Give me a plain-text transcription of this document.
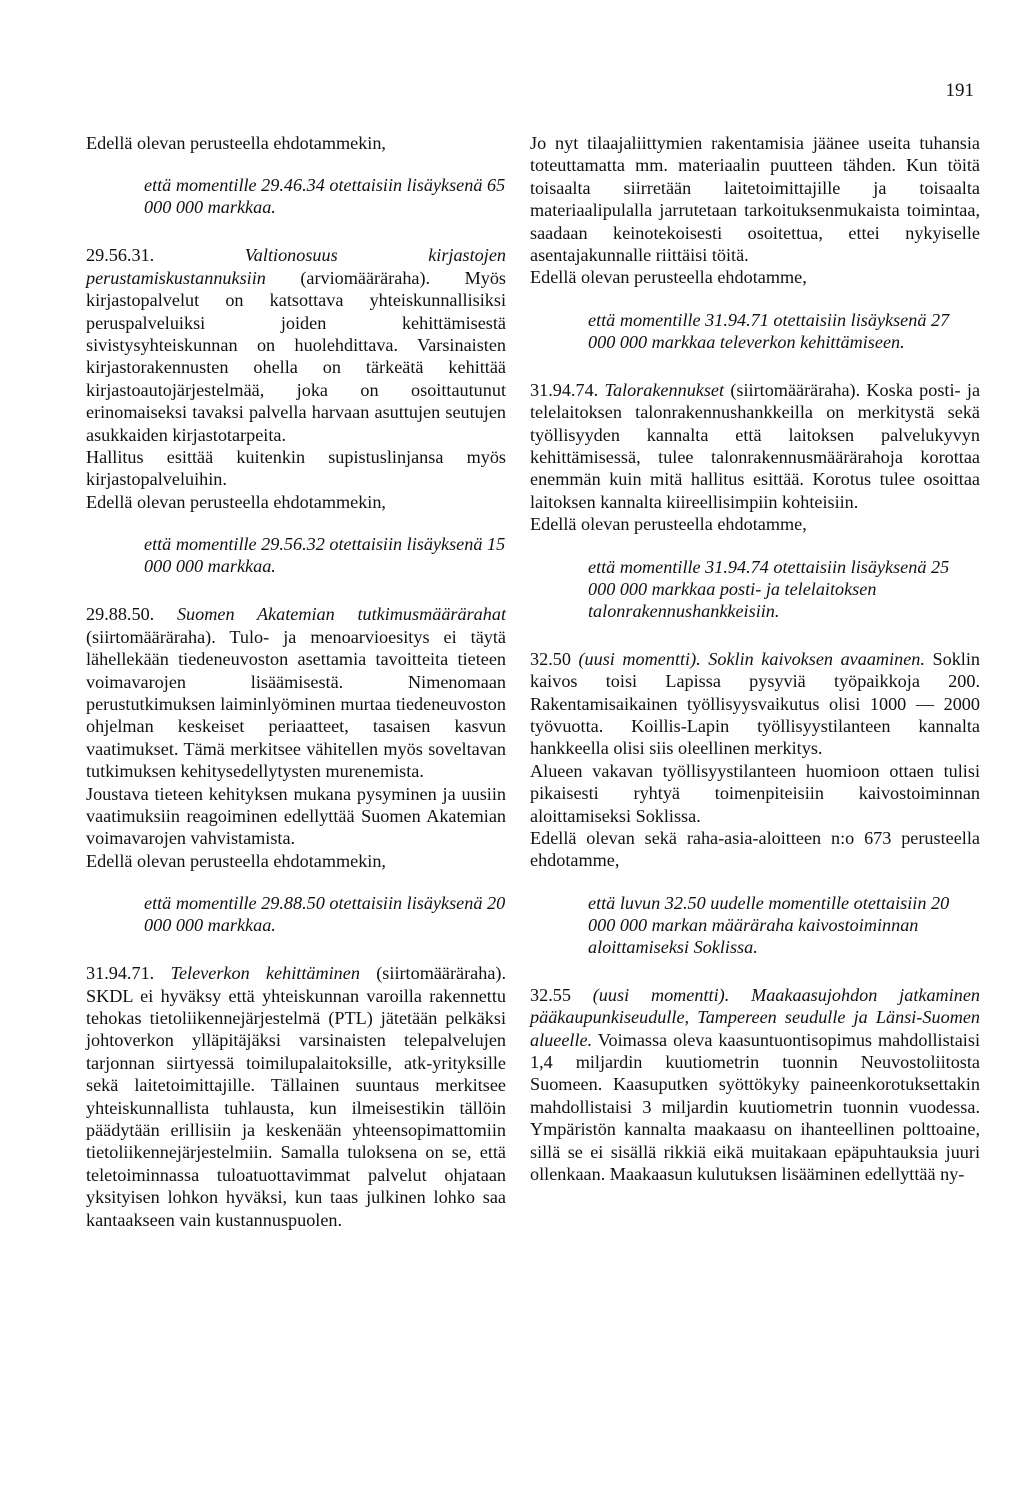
191

Edellä olevan perusteella ehdotammekin,

että momentille 29.46.34 otettaisiin lisäyksenä 65 000 000 markkaa.

29.56.31.	Valtionosuus kirjastojen perustamiskustannuksiin (arviomääräraha). Myös kirjastopalvelut on katsottava yhteiskunnallisiksi peruspalveluiksi joiden kehittämisestä sivistysyhteiskunnan on huolehdittava. Varsinaisten kirjastorakennusten ohella on tärkeätä kehittää kirjastoautojärjestelmää, joka on osoittautunut erinomaiseksi tavaksi palvella harvaan asuttujen seutujen asukkaiden kirjastotarpeita.

Hallitus esittää kuitenkin supistuslinjansa myös kirjastopalveluihin.

Edellä olevan perusteella ehdotammekin,

että momentille 29.56.32 otettaisiin lisäyksenä 15 000 000 markkaa.

29.88.50. Suomen Akatemian tutkimusmäärärahat (siirtomääräraha). Tulo- ja menoarvioesitys ei täytä lähellekään tiedeneuvoston asettamia tavoitteita tieteen voimavarojen lisäämisestä. Nimenomaan perustutkimuksen laiminlyöminen murtaa tiedeneuvoston ohjelman keskeiset periaatteet, tasaisen kasvun vaatimukset. Tämä merkitsee vähitellen myös soveltavan tutkimuksen kehitysedellytysten murenemista.

Joustava tieteen kehityksen mukana pysyminen ja uusiin vaatimuksiin reagoiminen edellyttää Suomen Akatemian voimavarojen vahvistamista.

Edellä olevan perusteella ehdotammekin,

että momentille 29.88.50 otettaisiin lisäyksenä 20 000 000 markkaa.

31.94.71. Televerkon kehittäminen (siirtomääräraha). SKDL ei hyväksy että yhteiskunnan varoilla rakennettu tehokas tietoliikennejärjestelmä (PTL) jätetään pelkäksi johtoverkon ylläpitäjäksi varsinaisten telepalvelujen tarjonnan siirtyessä toimilupalaitoksille, atk-yrityksille sekä laitetoimittajille. Tällainen suuntaus merkitsee yhteiskunnallista tuhlausta, kun ilmeisestikin tällöin päädytään erillisiin ja keskenään yhteensopimattomiin tietoliikennejärjestelmiin. Samalla tuloksena on se, että teletoiminnassa tuloatuottavimmat palvelut ohjataan yksityisen lohkon hyväksi, kun taas julkinen lohko saa kantaakseen vain kustannuspuolen.

Jo nyt tilaajaliittymien rakentamisia jäänee useita tuhansia toteuttamatta mm. materiaalin puutteen tähden. Kun töitä toisaalta siirretään laitetoimittajille ja toisaalta materiaalipulalla jarrutetaan tarkoituksenmukaista toimintaa, saadaan keinotekoisesti osoitettua, ettei nykyiselle asentajakunnalle riittäisi töitä.

Edellä olevan perusteella ehdotamme,

että momentille 31.94.71 otettaisiin lisäyksenä 27 000 000 markkaa televerkon kehittämiseen.

31.94.74. Talorakennukset (siirtomääräraha). Koska posti- ja telelaitoksen talonrakennushankkeilla on merkitystä sekä työllisyyden kannalta että laitoksen palvelukyvyn kehittämisessä, tulee talonrakennusmäärärahoja korottaa enemmän kuin mitä hallitus esittää. Korotus tulee osoittaa laitoksen kannalta kiireellisimpiin kohteisiin.

Edellä olevan perusteella ehdotamme,

että momentille 31.94.74 otettaisiin lisäyksenä 25 000 000 markkaa posti- ja telelaitoksen talonrakennushankkeisiin.

32.50 (uusi momentti). Soklin kaivoksen avaaminen. Soklin kaivos toisi Lapissa pysyviä työpaikkoja 200. Rakentamisaikainen työllisyysvaikutus olisi 1000 — 2000 työvuotta. Koillis-Lapin työllisyystilanteen kannalta hankkeella olisi siis oleellinen merkitys.

Alueen vakavan työllisyystilanteen huomioon ottaen tulisi pikaisesti ryhtyä toimenpiteisiin kaivostoiminnan aloittamiseksi Soklissa.

Edellä olevan sekä raha-asia-aloitteen n:o 673 perusteella ehdotamme,

että luvun 32.50 uudelle momentille otettaisiin 20 000 000 markan määräraha kaivostoiminnan aloittamiseksi Soklissa.

32.55 (uusi momentti). Maakaasujohdon jatkaminen pääkaupunkiseudulle, Tampereen seudulle ja Länsi-Suomen alueelle. Voimassa oleva kaasuntuontisopimus mahdollistaisi 1,4 miljardin kuutiometrin tuonnin Neuvostoliitosta Suomeen. Kaasuputken syöttökyky paineenkorotuksettakin mahdollistaisi 3 miljardin kuutiometrin tuonnin vuodessa. Ympäristön kannalta maakaasu on ihanteellinen polttoaine, sillä se ei sisällä rikkiä eikä muitakaan epäpuhtauksia juuri ollenkaan. Maakaasun kulutuksen lisääminen edellyttää ny-
